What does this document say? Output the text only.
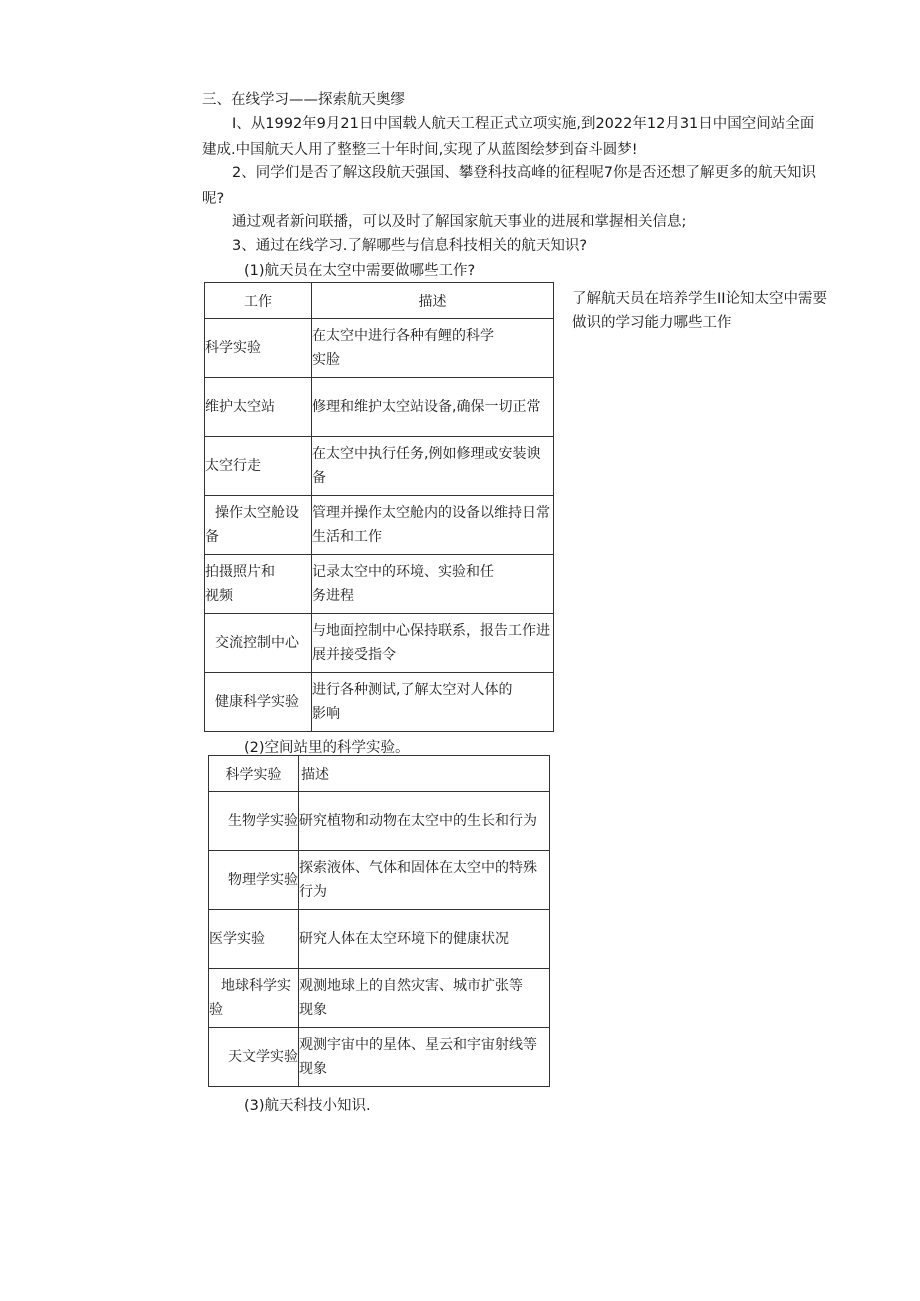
三、在线学习——探索航天奥缪
I、从1992年9月21日中国载人航天工程正式立项实施,到2022年12月31日中国空间站全面建成.中国航天人用了整整三十年时间,实现了从蓝图绘梦到奋斗圆梦!
2、同学们是否了解这段航天强国、攀登科技高峰的征程呢7你是否还想了解更多的航天知识呢?
通过观者新问联播，可以及时了解国家航天事业的进展和掌握相关信息;
3、通过在线学习.了解哪些与信息科技相关的航天知识?
(1)航天员在太空中需要做哪些工作?
工作	描述

科学实验	在太空中进行各种有鲤的科学实脸

维护太空站	修理和维护太空站设备,确保一切正常

太空行走	在太空中执行任务,例如修理或安装谀备

操作太空舱设备	管理并操作太空舱内的设备以维持日常生活和工作

拍摄照片和视频	记录太空中的环境、实验和任务进程

交流控制中心	与地面控制中心保持联系，报告工作进展并接受指令

健康科学实验	进行各种测试,了解太空对人体的影响
了解航天员在培养学生II论知太空中需要做识的学习能力哪些工作
(2)空间站里的科学实验。
科学实验	描述

生物学实验	研究植物和动物在太空中的生长和行为

物理学实验	探索液体、气体和固体在太空中的特殊行为

医学实验	研究人体在太空环境下的健康状况

地球科学实验	观测地球上的自然灾害、城市扩张等现象

天文学实验	观测宇宙中的星体、星云和宇宙射线等现象
(3)航天科技小知识.
